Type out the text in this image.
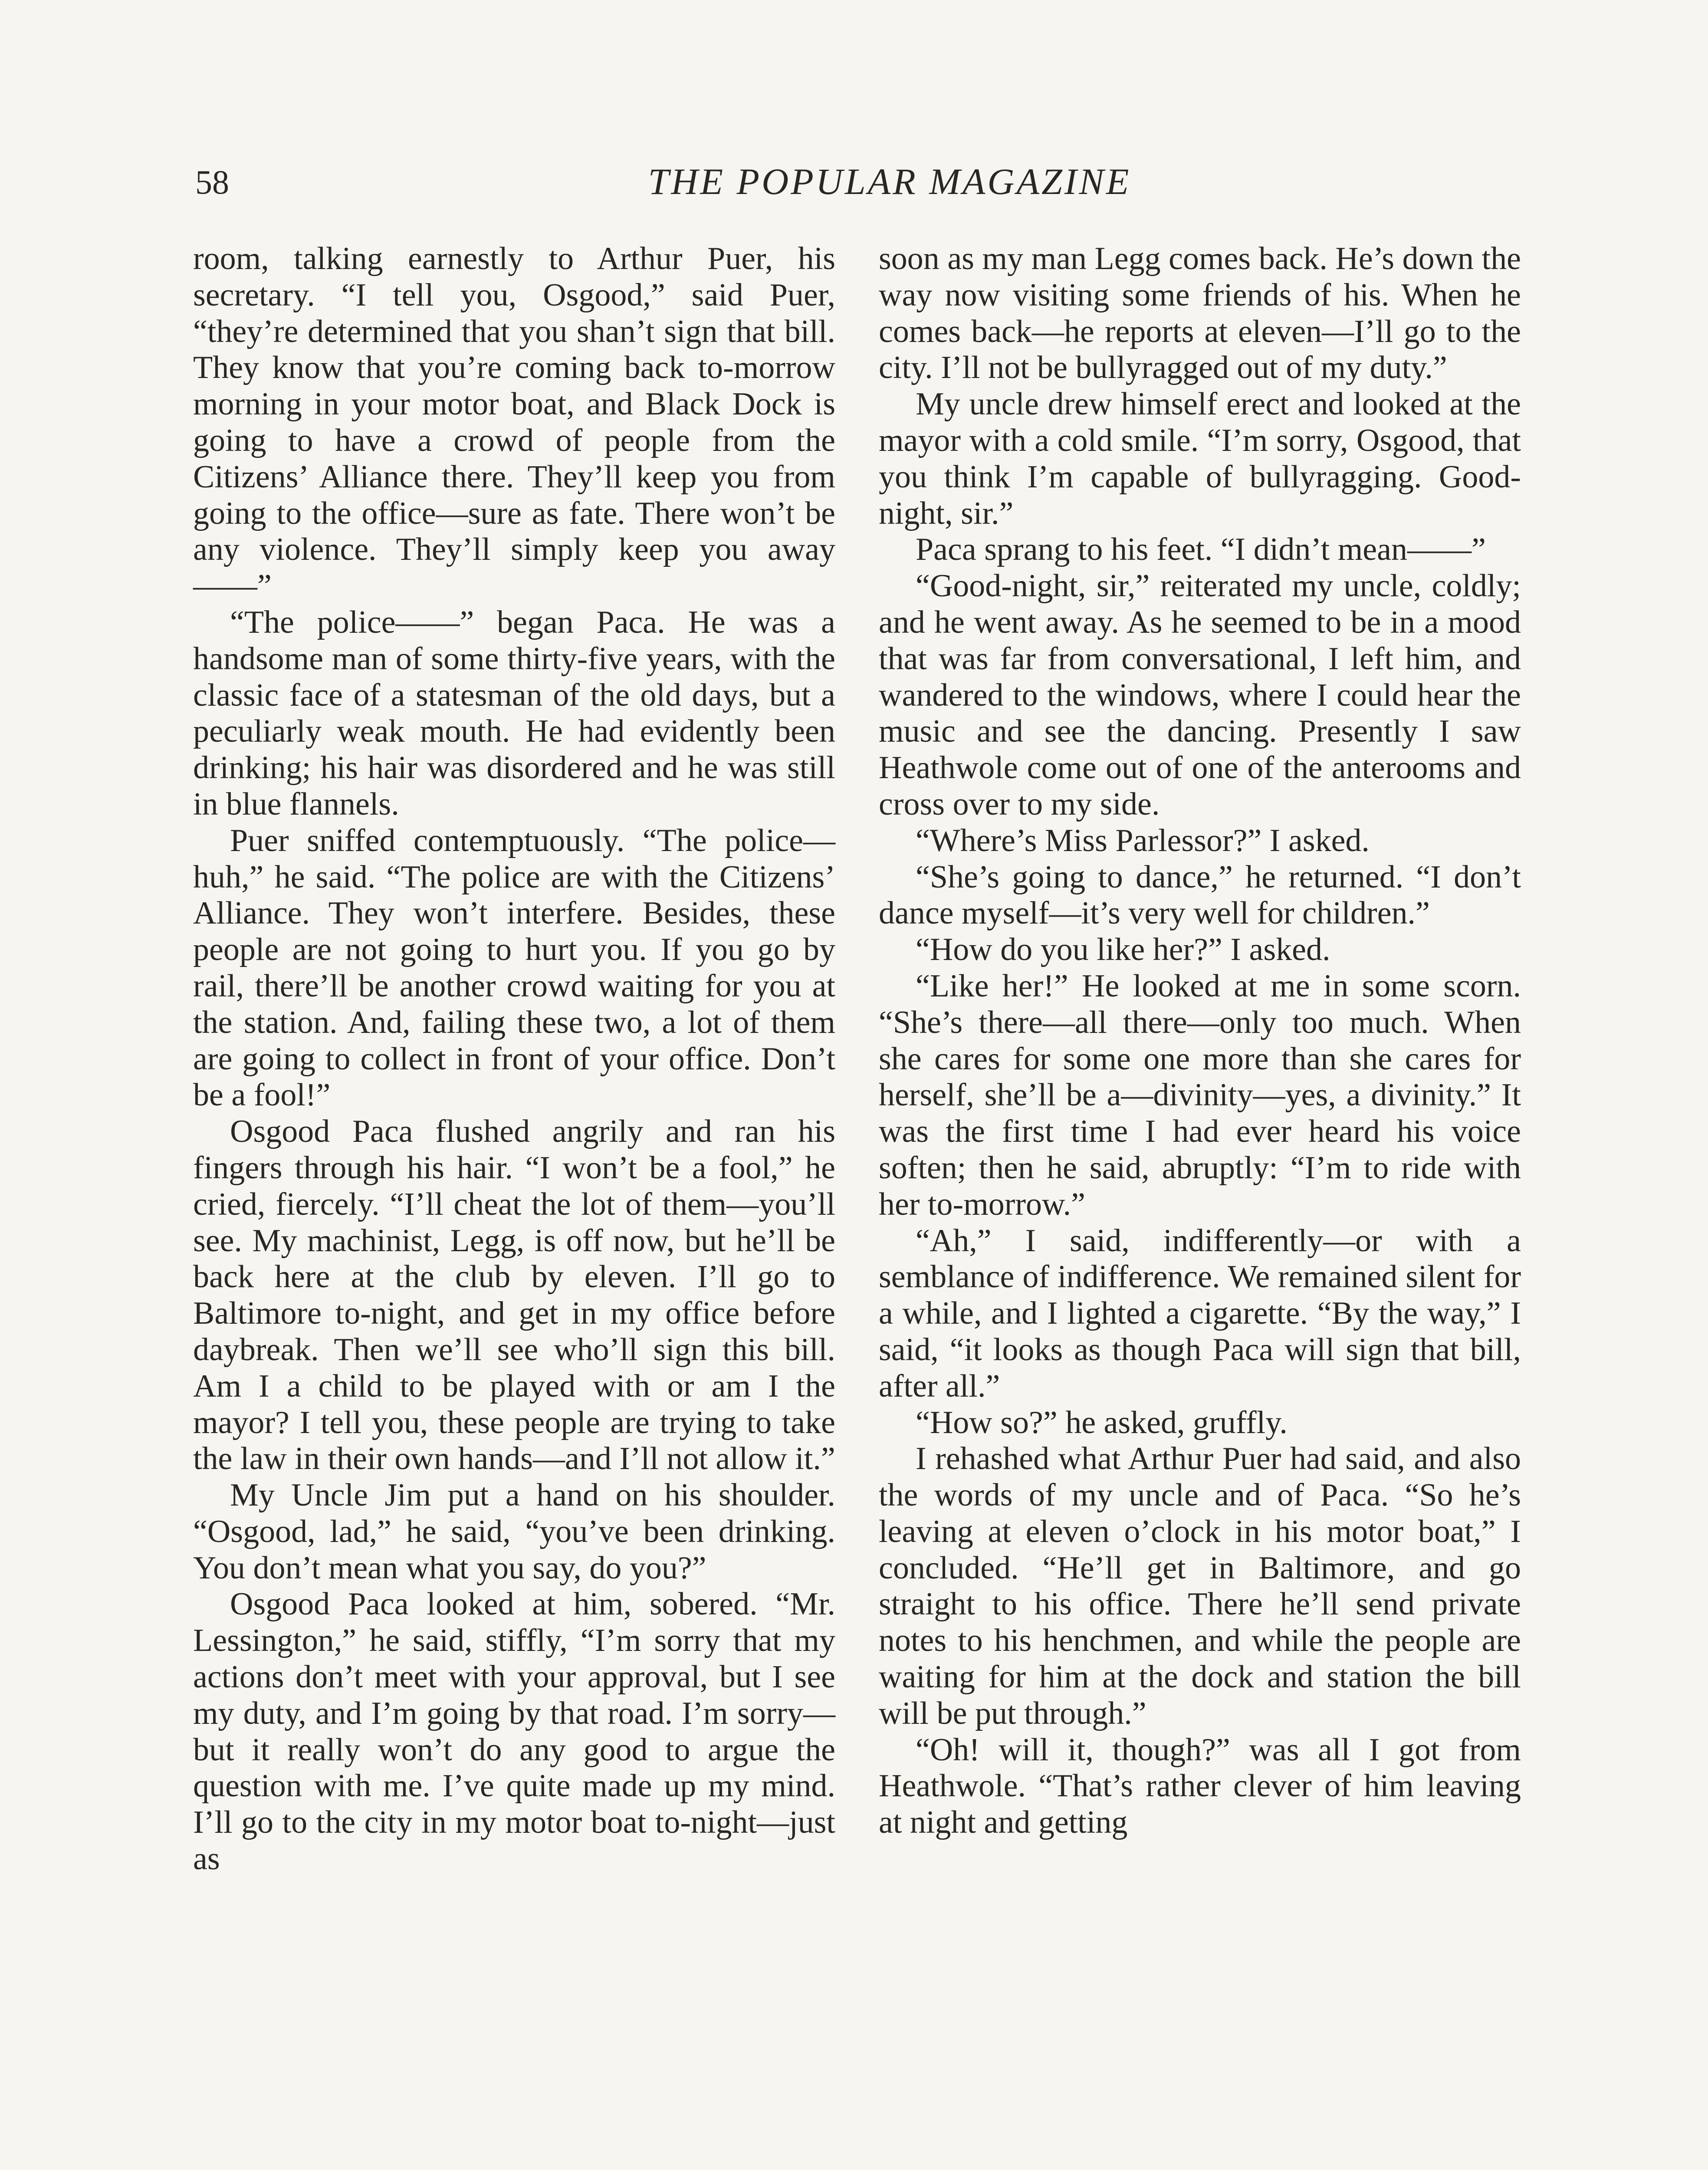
58	THE POPULAR MAGAZINE

room, talking earnestly to Arthur Puer, his secretary. “I tell you, Osgood,” said Puer, “they’re determined that you shan’t sign that bill. They know that you’re coming back to-morrow morning in your motor boat, and Black Dock is going to have a crowd of people from the Citizens’ Alliance there. They’ll keep you from going to the office—sure as fate. There won’t be any violence. They’ll simply keep you away——”

“The police——” began Paca. He was a handsome man of some thirty-five years, with the classic face of a statesman of the old days, but a peculiarly weak mouth. He had evidently been drinking; his hair was disordered and he was still in blue flannels.

Puer sniffed contemptuously. “The police—huh,” he said. “The police are with the Citizens’ Alliance. They won’t interfere. Besides, these people are not going to hurt you. If you go by rail, there’ll be another crowd waiting for you at the station. And, failing these two, a lot of them are going to collect in front of your office. Don’t be a fool!”

Osgood Paca flushed angrily and ran his fingers through his hair. “I won’t be a fool,” he cried, fiercely. “I’ll cheat the lot of them—you’ll see. My machinist, Legg, is off now, but he’ll be back here at the club by eleven. I’ll go to Baltimore to-night, and get in my office before daybreak. Then we’ll see who’ll sign this bill. Am I a child to be played with or am I the mayor? I tell you, these people are trying to take the law in their own hands—and I’ll not allow it.”

My Uncle Jim put a hand on his shoulder. “Osgood, lad,” he said, “you’ve been drinking. You don’t mean what you say, do you?”

Osgood Paca looked at him, sobered. “Mr. Lessington,” he said, stiffly, “I’m sorry that my actions don’t meet with your approval, but I see my duty, and I’m going by that road. I’m sorry—but it really won’t do any good to argue the question with me. I’ve quite made up my mind. I’ll go to the city in my motor boat to-night—just as

soon as my man Legg comes back. He’s down the way now visiting some friends of his. When he comes back—he reports at eleven—I’ll go to the city. I’ll not be bullyragged out of my duty.”

My uncle drew himself erect and looked at the mayor with a cold smile. “I’m sorry, Osgood, that you think I’m capable of bullyragging. Good-night, sir.”

Paca sprang to his feet. “I didn’t mean——”

“Good-night, sir,” reiterated my uncle, coldly; and he went away. As he seemed to be in a mood that was far from conversational, I left him, and wandered to the windows, where I could hear the music and see the dancing. Presently I saw Heathwole come out of one of the anterooms and cross over to my side.

“Where’s Miss Parlessor?” I asked.

“She’s going to dance,” he returned. “I don’t dance myself—it’s very well for children.”

“How do you like her?” I asked.

“Like her!” He looked at me in some scorn. “She’s there—all there—only too much. When she cares for some one more than she cares for herself, she’ll be a—divinity—yes, a divinity.” It was the first time I had ever heard his voice soften; then he said, abruptly: “I’m to ride with her to-morrow.”

“Ah,” I said, indifferently—or with a semblance of indifference. We remained silent for a while, and I lighted a cigarette. “By the way,” I said, “it looks as though Paca will sign that bill, after all.”

“How so?” he asked, gruffly.

I rehashed what Arthur Puer had said, and also the words of my uncle and of Paca. “So he’s leaving at eleven o’clock in his motor boat,” I concluded. “He’ll get in Baltimore, and go straight to his office. There he’ll send private notes to his henchmen, and while the people are waiting for him at the dock and station the bill will be put through.”

“Oh! will it, though?” was all I got from Heathwole. “That’s rather clever of him leaving at night and getting
